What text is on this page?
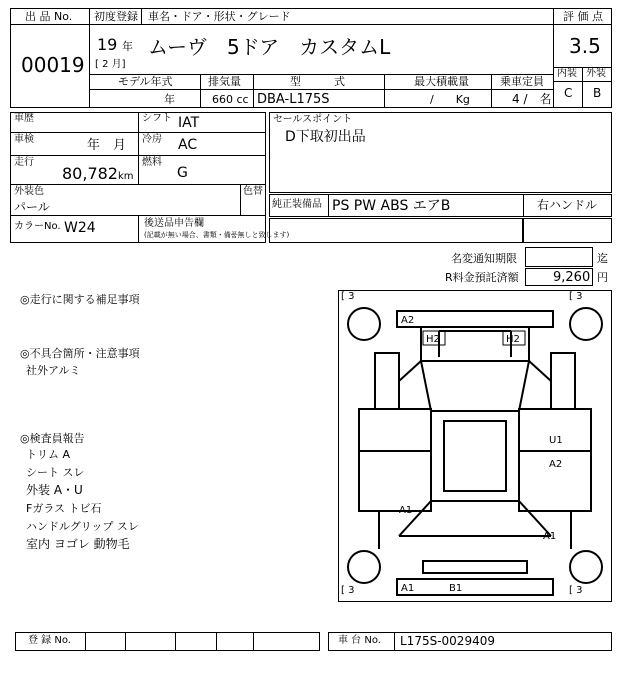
出 品 No.
00019
初度登録 車名・ドア・形状・グレード
19 年
[ 2 月]
ムーヴ　5ドア　カスタムL
モデル年式	排気量	型　　　式	最大積載量	乗車定員
年	660 cc DBA-L175S	/　　Kg	4 /　名
評 価 点
3.5
内装 外装
C B
車歴	シフト IAT
車検	年　月 冷房 AC
走行
80,782 km
燃料
G
外装色
パール
色替
カラーNo. W24	後送品申告欄
(記載が無い場合、書類・備품無しと致します)
セールスポイント
D下取初出品
純正装備品 PS PW ABS エアB	右ハンドル
名変通知期限	迄
R料金預託済額	9,260 円
◎走行に関する補足事項
◎不具合箇所・注意事項
社外アルミ
◎検査員報告
トリム A
シート スレ
外装 A・U
Fガラス トビ石
ハンドルグリップ スレ
室内 ヨゴレ 動物毛
[ 3	[ 3
[ 3	[ 3
A2
H2	H2
U1
A2
A1
A1
A1	B1
登 録 No.	車 台 No. L175S-0029409
